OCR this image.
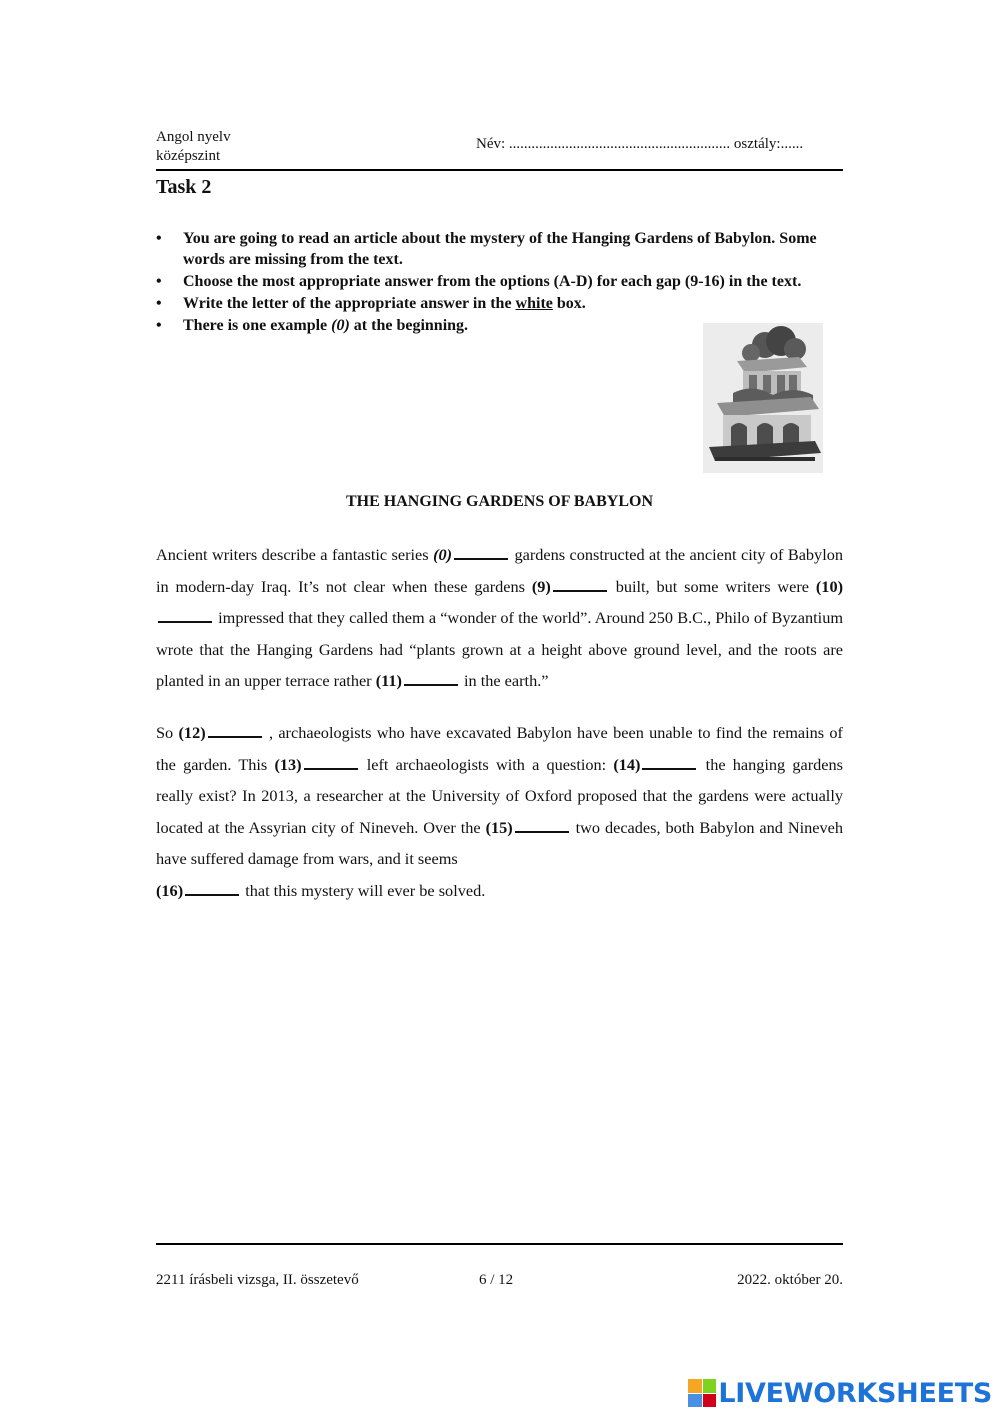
Angol nyelv
középszint
Név: ........................................................... osztály:......
Task 2
• You are going to read an article about the mystery of the Hanging Gardens of Babylon. Some words are missing from the text.
• Choose the most appropriate answer from the options (A-D) for each gap (9-16) in the text.
• Write the letter of the appropriate answer in the white box.
• There is one example (0) at the beginning.
THE HANGING GARDENS OF BABYLON
Ancient writers describe a fantastic series (0)	gardens constructed at the ancient city of Babylon in modern-day Iraq. It’s not clear when these gardens (9)	built, but some writers were (10) impressed that they called them a “wonder of the world”. Around 250 B.C., Philo of Byzantium wrote that the Hanging Gardens had “plants grown at a height above ground level, and the roots are planted in an upper terrace rather (11)	in the earth.”
So (12)	, archaeologists who have excavated Babylon have been unable to find the remains of the garden. This (13)	left archaeologists with a question: (14)	the hanging gardens really exist? In 2013, a researcher at the University of Oxford proposed that the gardens were actually located at the Assyrian city of Nineveh. Over the (15)	two decades, both Babylon and Nineveh have suffered damage from wars, and it seems
(16)	that this mystery will ever be solved.
2211 írásbeli vizsga, II. összetevő	6 / 12	2022. október 20.
LIVEWORKSHEETS
